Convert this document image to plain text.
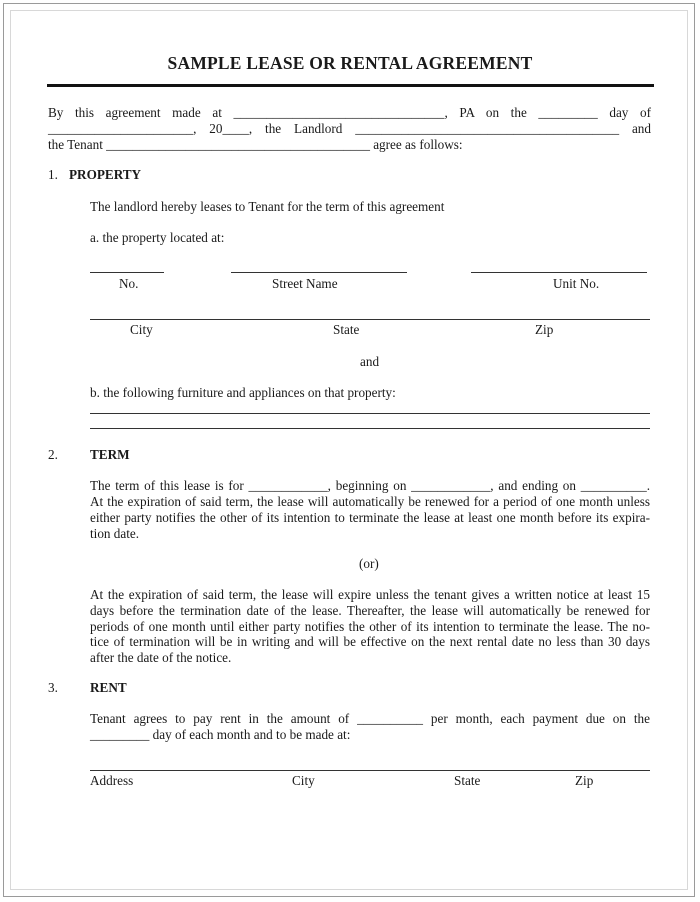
SAMPLE LEASE OR RENTAL AGREEMENT
By this agreement made at ________________________________, PA on the _________ day of
______________________, 20____, the Landlord ________________________________________ and
the Tenant ________________________________________ agree as follows:
1. PROPERTY
The landlord hereby leases to Tenant for the term of this agreement
a. the property located at:
No.	Street Name	Unit No.
City	State	Zip
and
b. the following furniture and appliances on that property:
2. TERM
The term of this lease is for ____________, beginning on ____________, and ending on __________.
At the expiration of said term, the lease will automatically be renewed for a period of one month unless
either party notifies the other of its intention to terminate the lease at least one month before its expira-
tion date.
(or)
At the expiration of said term, the lease will expire unless the tenant gives a written notice at least 15
days before the termination date of the lease. Thereafter, the lease will automatically be renewed for
periods of one month until either party notifies the other of its intention to terminate the lease. The no-
tice of termination will be in writing and will be effective on the next rental date no less than 30 days
after the date of the notice.
3. RENT
Tenant agrees to pay rent in the amount of __________ per month, each payment due on the
_________ day of each month and to be made at:
Address	City	State	Zip
